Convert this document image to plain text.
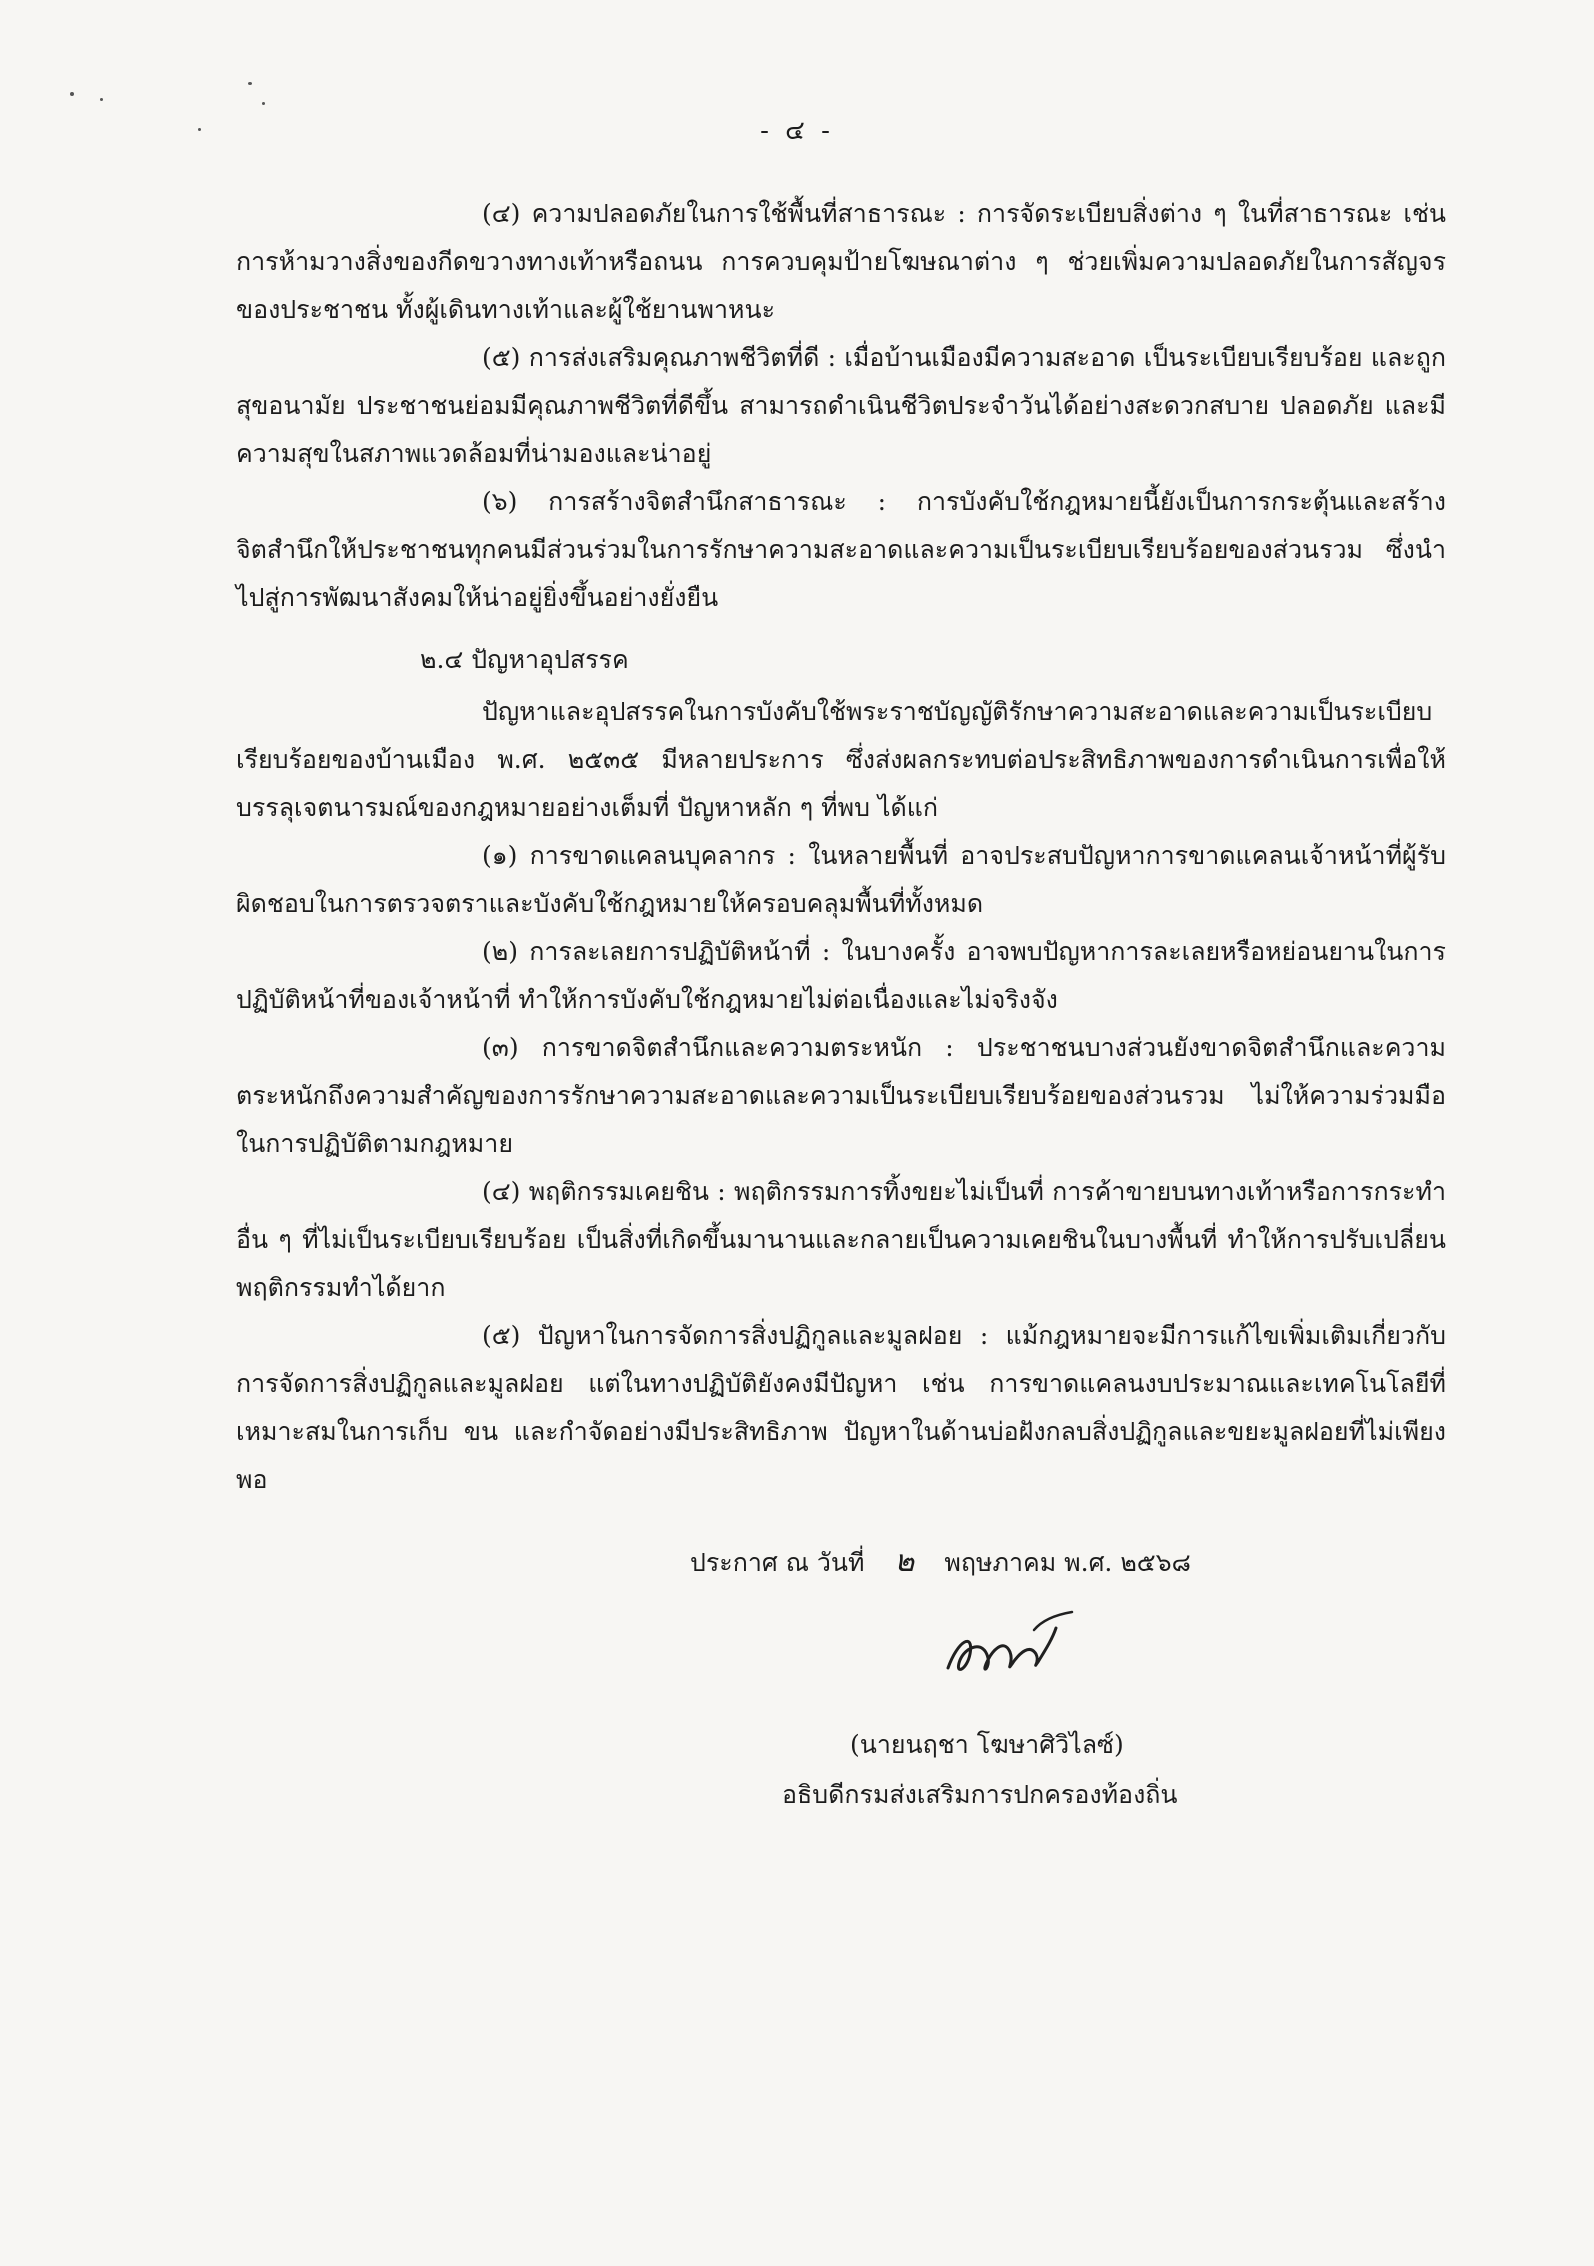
- ๔ -

(๔) ความปลอดภัยในการใช้พื้นที่สาธารณะ : การจัดระเบียบสิ่งต่าง ๆ ในที่สาธารณะ เช่น การห้ามวางสิ่งของกีดขวางทางเท้าหรือถนน การควบคุมป้ายโฆษณาต่าง ๆ ช่วยเพิ่มความปลอดภัยในการสัญจรของประชาชน ทั้งผู้เดินทางเท้าและผู้ใช้ยานพาหนะ

(๕) การส่งเสริมคุณภาพชีวิตที่ดี : เมื่อบ้านเมืองมีความสะอาด เป็นระเบียบเรียบร้อย และถูกสุขอนามัย ประชาชนย่อมมีคุณภาพชีวิตที่ดีขึ้น สามารถดำเนินชีวิตประจำวันได้อย่างสะดวกสบาย ปลอดภัย และมีความสุขในสภาพแวดล้อมที่น่ามองและน่าอยู่

(๖) การสร้างจิตสำนึกสาธารณะ : การบังคับใช้กฎหมายนี้ยังเป็นการกระตุ้นและสร้างจิตสำนึกให้ประชาชนทุกคนมีส่วนร่วมในการรักษาความสะอาดและความเป็นระเบียบเรียบร้อยของส่วนรวม ซึ่งนำไปสู่การพัฒนาสังคมให้น่าอยู่ยิ่งขึ้นอย่างยั่งยืน

๒.๔ ปัญหาอุปสรรค

ปัญหาและอุปสรรคในการบังคับใช้พระราชบัญญัติรักษาความสะอาดและความเป็นระเบียบเรียบร้อยของบ้านเมือง พ.ศ. ๒๕๓๕ มีหลายประการ ซึ่งส่งผลกระทบต่อประสิทธิภาพของการดำเนินการเพื่อให้บรรลุเจตนารมณ์ของกฎหมายอย่างเต็มที่ ปัญหาหลัก ๆ ที่พบ ได้แก่

(๑) การขาดแคลนบุคลากร : ในหลายพื้นที่ อาจประสบปัญหาการขาดแคลนเจ้าหน้าที่ผู้รับผิดชอบในการตรวจตราและบังคับใช้กฎหมายให้ครอบคลุมพื้นที่ทั้งหมด

(๒) การละเลยการปฏิบัติหน้าที่ : ในบางครั้ง อาจพบปัญหาการละเลยหรือหย่อนยานในการปฏิบัติหน้าที่ของเจ้าหน้าที่ ทำให้การบังคับใช้กฎหมายไม่ต่อเนื่องและไม่จริงจัง

(๓) การขาดจิตสำนึกและความตระหนัก : ประชาชนบางส่วนยังขาดจิตสำนึกและความตระหนักถึงความสำคัญของการรักษาความสะอาดและความเป็นระเบียบเรียบร้อยของส่วนรวม ไม่ให้ความร่วมมือในการปฏิบัติตามกฎหมาย

(๔) พฤติกรรมเคยชิน : พฤติกรรมการทิ้งขยะไม่เป็นที่ การค้าขายบนทางเท้าหรือการกระทำอื่น ๆ ที่ไม่เป็นระเบียบเรียบร้อย เป็นสิ่งที่เกิดขึ้นมานานและกลายเป็นความเคยชินในบางพื้นที่ ทำให้การปรับเปลี่ยนพฤติกรรมทำได้ยาก

(๕) ปัญหาในการจัดการสิ่งปฏิกูลและมูลฝอย : แม้กฎหมายจะมีการแก้ไขเพิ่มเติมเกี่ยวกับการจัดการสิ่งปฏิกูลและมูลฝอย แต่ในทางปฏิบัติยังคงมีปัญหา เช่น การขาดแคลนงบประมาณและเทคโนโลยีที่เหมาะสมในการเก็บ ขน และกำจัดอย่างมีประสิทธิภาพ ปัญหาในด้านบ่อฝังกลบสิ่งปฏิกูลและขยะมูลฝอยที่ไม่เพียงพอ

ประกาศ ณ วันที่ ๒ พฤษภาคม พ.ศ. ๒๕๖๘
(นายนฤชา โฆษาศิวิไลซ์)
อธิบดีกรมส่งเสริมการปกครองท้องถิ่น
